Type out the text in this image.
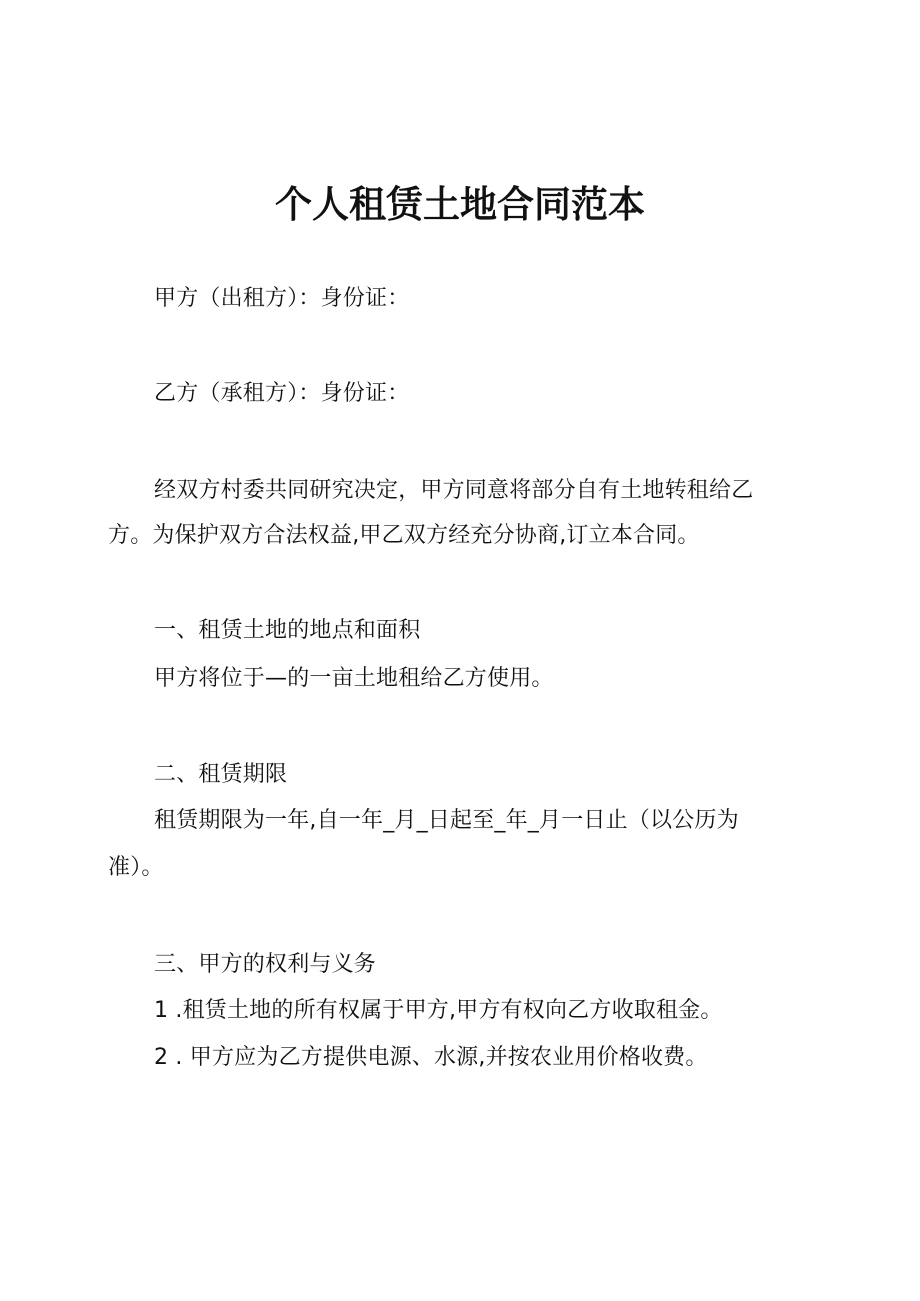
个人租赁土地合同范本
甲方（出租方）：身份证：
乙方（承租方）：身份证：
经双方村委共同研究决定，甲方同意将部分自有土地转租给乙
方。为保护双方合法权益,甲乙双方经充分协商,订立本合同。
一、租赁土地的地点和面积
甲方将位于—的一亩土地租给乙方使用。
二、租赁期限
租赁期限为一年,自一年_月_日起至_年_月一日止（以公历为
准）。
三、甲方的权利与义务
1 .租赁土地的所有权属于甲方,甲方有权向乙方收取租金。
2 . 甲方应为乙方提供电源、水源,并按农业用价格收费。
